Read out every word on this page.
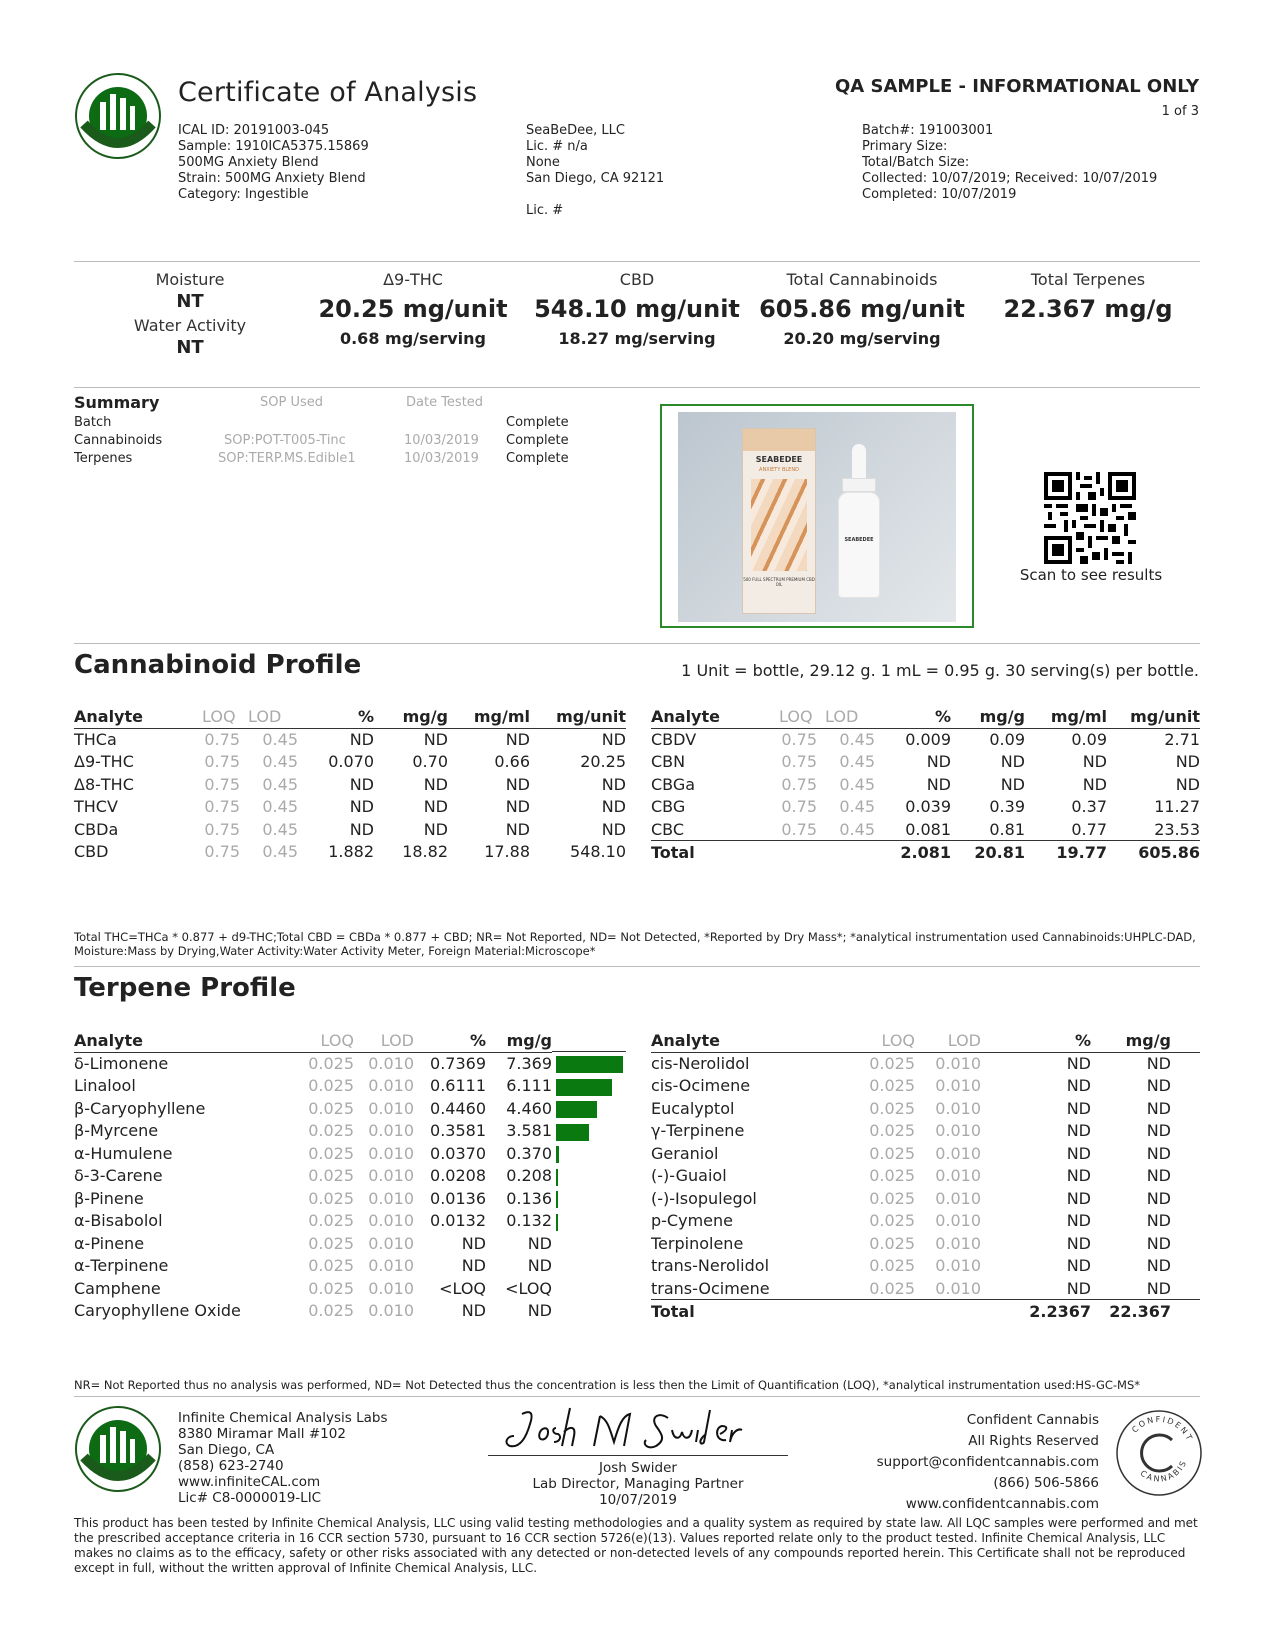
Certificate of Analysis	QA SAMPLE - INFORMATIONAL ONLY
1 of 3
ICAL ID: 20191003-045
Sample: 1910ICA5375.15869
500MG Anxiety Blend
Strain: 500MG Anxiety Blend
Category: Ingestible
SeaBeDee, LLC
Lic. # n/a
None
San Diego, CA 92121
Lic. #
Batch#: 191003001
Primary Size:
Total/Batch Size:
Collected: 10/07/2019; Received: 10/07/2019
Completed: 10/07/2019
Moisture
NT
Water Activity
NT
Δ9-THC
20.25 mg/unit
0.68 mg/serving
CBD
548.10 mg/unit
18.27 mg/serving
Total Cannabinoids
605.86 mg/unit
20.20 mg/serving
Total Terpenes
22.367 mg/g
Summary	SOP Used	Date Tested
Batch	Complete
Cannabinoids	SOP:POT-T005-Tinc	10/03/2019 Complete
Terpenes	SOP:TERP.MS.Edible1	10/03/2019 Complete	SEABEDEE
ANXIETY BLEND
500 FULL SPECTRUM PREMIUM CBD OIL
SEABEDEE
Scan to see results
Cannabinoid Profile	1 Unit = bottle, 29.12 g. 1 mL = 0.95 g. 30 serving(s) per bottle.
Analyte	LOQ	LOD	%	mg/g	mg/ml	mg/unit
THCa	0.75	0.45	ND	ND	ND	ND
Δ9-THC	0.75	0.45	0.070	0.70	0.66	20.25
Δ8-THC	0.75	0.45	ND	ND	ND	ND
THCV	0.75	0.45	ND	ND	ND	ND
CBDa	0.75	0.45	ND	ND	ND	ND
CBD	0.75	0.45	1.882	18.82	17.88	548.10
Analyte	LOQ	LOD	%	mg/g	mg/ml	mg/unit
CBDV	0.75	0.45	0.009	0.09	0.09	2.71
CBN	0.75	0.45	ND	ND	ND	ND
CBGa	0.75	0.45	ND	ND	ND	ND
CBG	0.75	0.45	0.039	0.39	0.37	11.27
CBC	0.75	0.45	0.081	0.81	0.77	23.53
Total			2.081	20.81	19.77	605.86
Total THC=THCa * 0.877 + d9-THC;Total CBD = CBDa * 0.877 + CBD; NR= Not Reported, ND= Not Detected, *Reported by Dry Mass*; *analytical instrumentation used Cannabinoids:UHPLC-DAD, Moisture:Mass by Drying,Water Activity:Water Activity Meter, Foreign Material:Microscope*
Terpene Profile
Analyte	LOQ	LOD	%	mg/g
δ-Limonene	0.025	0.010	0.7369	7.369
Linalool	0.025	0.010	0.6111	6.111
β-Caryophyllene	0.025	0.010	0.4460	4.460
β-Myrcene	0.025	0.010	0.3581	3.581
α-Humulene	0.025	0.010	0.0370	0.370
δ-3-Carene	0.025	0.010	0.0208	0.208
β-Pinene	0.025	0.010	0.0136	0.136
α-Bisabolol	0.025	0.010	0.0132	0.132
α-Pinene	0.025	0.010	ND	ND
α-Terpinene	0.025	0.010	ND	ND
Camphene	0.025	0.010	<LOQ	<LOQ
Caryophyllene Oxide	0.025	0.010	ND	ND
Analyte	LOQ	LOD	%	mg/g	
cis-Nerolidol	0.025	0.010	ND	ND	
cis-Ocimene	0.025	0.010	ND	ND	
Eucalyptol	0.025	0.010	ND	ND	
γ-Terpinene	0.025	0.010	ND	ND	
Geraniol	0.025	0.010	ND	ND	
(-)-Guaiol	0.025	0.010	ND	ND	
(-)-Isopulegol	0.025	0.010	ND	ND	
p-Cymene	0.025	0.010	ND	ND	
Terpinolene	0.025	0.010	ND	ND	
trans-Nerolidol	0.025	0.010	ND	ND	
trans-Ocimene	0.025	0.010	ND	ND	
Total			2.2367	22.367	
NR= Not Reported thus no analysis was performed, ND= Not Detected thus the concentration is less then the Limit of Quantification (LOQ), *analytical instrumentation used:HS-GC-MS*
Infinite Chemical Analysis Labs
8380 Miramar Mall #102
San Diego, CA
(858) 623-2740
www.infiniteCAL.com
Lic# C8-0000019-LIC
Josh Swider
Lab Director, Managing Partner
10/07/2019
Confident Cannabis
All Rights Reserved
support@confidentcannabis.com
(866) 506-5866
www.confidentcannabis.com
CONFIDENT
CANNABIS
This product has been tested by Infinite Chemical Analysis, LLC using valid testing methodologies and a quality system as required by state law. All LQC samples were performed and met the prescribed acceptance criteria in 16 CCR section 5730, pursuant to 16 CCR section 5726(e)(13). Values reported relate only to the product tested. Infinite Chemical Analysis, LLC makes no claims as to the efficacy, safety or other risks associated with any detected or non-detected levels of any compounds reported herein. This Certificate shall not be reproduced except in full, without the written approval of Infinite Chemical Analysis, LLC.
